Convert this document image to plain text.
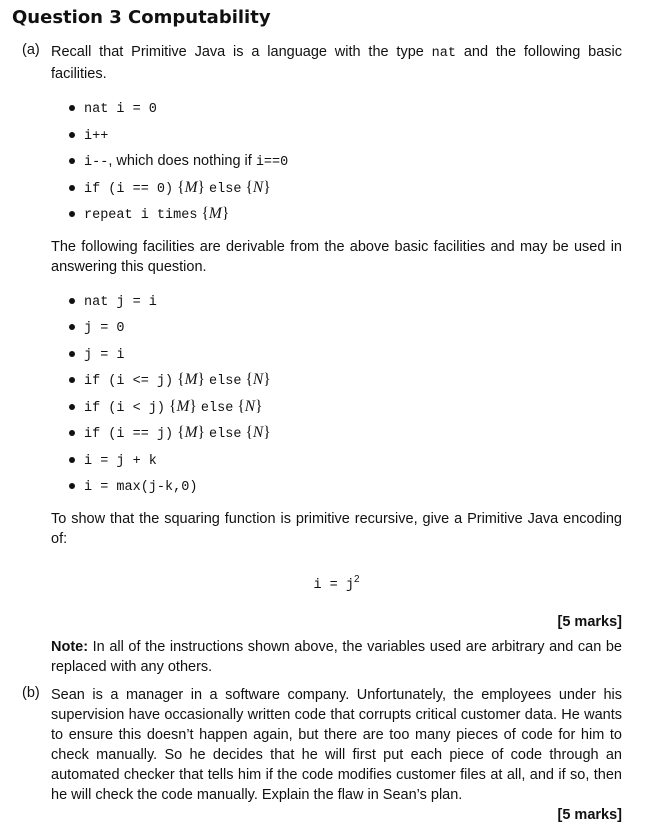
Question 3 Computability
(a) Recall that Primitive Java is a language with the type nat and the following basic facilities.

nat i = 0
i++
i--, which does nothing if i==0
if (i == 0) {M} else {N}
repeat i times {M}

The following facilities are derivable from the above basic facilities and may be used in answering this question.

nat j = i
j = 0
j = i
if (i <= j) {M} else {N}
if (i < j) {M} else {N}
if (i == j) {M} else {N}
i = j + k
i = max(j-k,0)

To show that the squaring function is primitive recursive, give a Primitive Java encoding of:

$i = j^2$
[5 marks]

Note: In all of the instructions shown above, the variables used are arbitrary and can be replaced with any others.

(b) Sean is a manager in a software company. Unfortunately, the employees under his supervision have occasionally written code that corrupts critical customer data. He wants to ensure this doesn’t happen again, but there are too many pieces of code for him to check manually. So he decides that he will first put each piece of code through an automated checker that tells him if the code modifies customer files at all, and if so, then he will check the code manually. Explain the flaw in Sean’s plan.

[5 marks]
